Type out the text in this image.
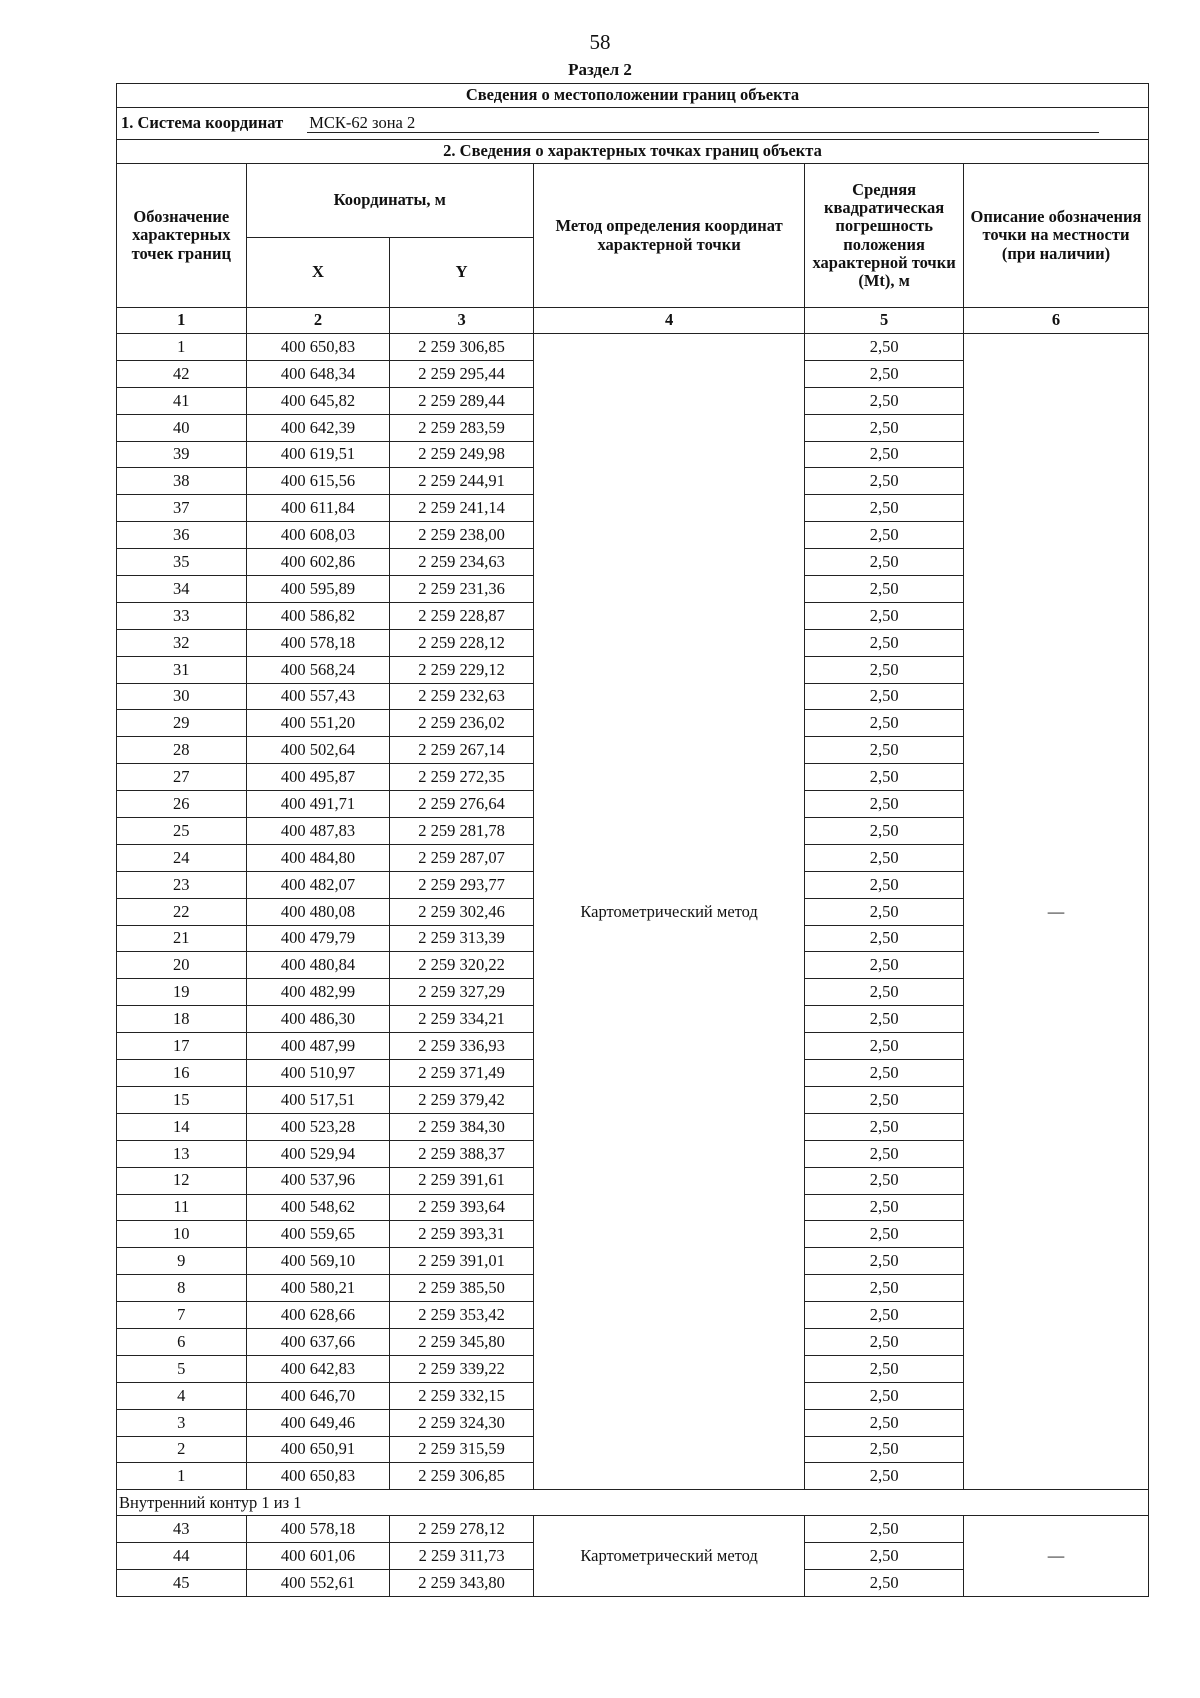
58
Раздел 2
Сведения о местоположении границ объекта					
1. Система координат МСК-62 зона 2					
2. Сведения о характерных точках границ объекта					
Обозначение характерных точек границ	Координаты, м		Метод определения координат характерной точки	Средняя квадратическая погрешность положения характерной точки (Mt), м	Описание обозначения точки на местности (при наличии)
	X	Y			
1	2	3	4	5	6
1	400 650,83	2 259 306,85	Картометрический метод	2,50	—
42	400 648,34	2 259 295,44		2,50	
41	400 645,82	2 259 289,44		2,50	
40	400 642,39	2 259 283,59		2,50	
39	400 619,51	2 259 249,98		2,50	
38	400 615,56	2 259 244,91		2,50	
37	400 611,84	2 259 241,14		2,50	
36	400 608,03	2 259 238,00		2,50	
35	400 602,86	2 259 234,63		2,50	
34	400 595,89	2 259 231,36		2,50	
33	400 586,82	2 259 228,87		2,50	
32	400 578,18	2 259 228,12		2,50	
31	400 568,24	2 259 229,12		2,50	
30	400 557,43	2 259 232,63		2,50	
29	400 551,20	2 259 236,02		2,50	
28	400 502,64	2 259 267,14		2,50	
27	400 495,87	2 259 272,35		2,50	
26	400 491,71	2 259 276,64		2,50	
25	400 487,83	2 259 281,78		2,50	
24	400 484,80	2 259 287,07		2,50	
23	400 482,07	2 259 293,77		2,50	
22	400 480,08	2 259 302,46		2,50	
21	400 479,79	2 259 313,39		2,50	
20	400 480,84	2 259 320,22		2,50	
19	400 482,99	2 259 327,29		2,50	
18	400 486,30	2 259 334,21		2,50	
17	400 487,99	2 259 336,93		2,50	
16	400 510,97	2 259 371,49		2,50	
15	400 517,51	2 259 379,42		2,50	
14	400 523,28	2 259 384,30		2,50	
13	400 529,94	2 259 388,37		2,50	
12	400 537,96	2 259 391,61		2,50	
11	400 548,62	2 259 393,64		2,50	
10	400 559,65	2 259 393,31		2,50	
9	400 569,10	2 259 391,01		2,50	
8	400 580,21	2 259 385,50		2,50	
7	400 628,66	2 259 353,42		2,50	
6	400 637,66	2 259 345,80		2,50	
5	400 642,83	2 259 339,22		2,50	
4	400 646,70	2 259 332,15		2,50	
3	400 649,46	2 259 324,30		2,50	
2	400 650,91	2 259 315,59		2,50	
1	400 650,83	2 259 306,85		2,50	
Внутренний контур 1 из 1					
43	400 578,18	2 259 278,12	Картометрический метод	2,50	—
44	400 601,06	2 259 311,73		2,50	
45	400 552,61	2 259 343,80		2,50	
